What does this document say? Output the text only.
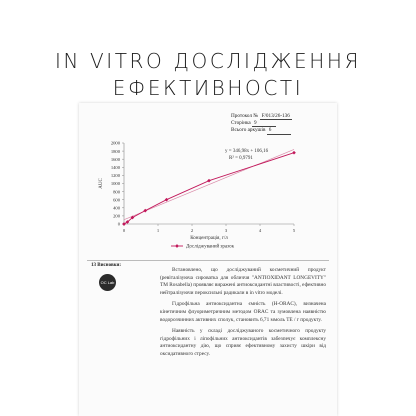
IN VITRO ДОСЛІДЖЕННЯ
ЕФЕКТИВНОСТІ
Протокол № F/013/26-136
Сторінка 9
Всього аркушів 6
0
200
400
600
800
1000
1200
1400
1600
1800
2000
0	1	2	3	4	5
Концентрація, г/л
AUC
y = 346,98x + 106,16
R² = 0,9791
Досліджуваний зразок
13 Висновки:
OC Lab

Встановлено, що досліджуваний косметичний продукт (ревіталізуюча сироватка для обличчя "ANTIOXIDANT LONGEVITY" TM Rosabella) проявляє виражені антиоксидантні властивості, ефективно нейтралізуючи пероксильні радикали в in vitro моделі.

Гідрофільна антиоксидантна ємність (H-ORAC), визначена кінетичним флуориметричним методом ORAC та зумовлена наявністю водорозчинних активних сполук, становить 6,71 ммоль TE / г продукту.

Наявність у складі досліджуваного косметичного продукту гідрофільних і ліпофільних антиоксидантів забезпечує комплексну антиоксидантну дію, що сприяє ефективному захисту шкіри від оксидативного стресу.
